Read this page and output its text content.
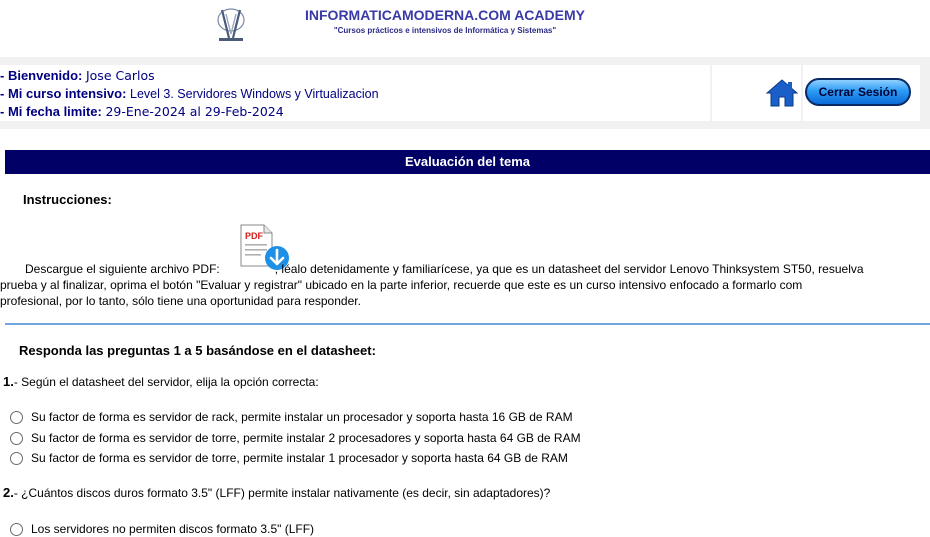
INFORMATICAMODERNA.COM ACADEMY
"Cursos prácticos e intensivos de Informática y Sistemas"
- Bienvenido: Jose Carlos
- Mi curso intensivo: Level 3. Servidores Windows y Virtualizacion
- Mi fecha limite: 29-Ene-2024 al 29-Feb-2024
Cerrar Sesión
Evaluación del tema
Instrucciones:
PDF
Descargue el siguiente archivo PDF:	, léalo detenidamente y familiarícese, ya que es un datasheet del servidor Lenovo Thinksystem ST50, resuelva
prueba y al finalizar, oprima el botón "Evaluar y registrar" ubicado en la parte inferior, recuerde que este es un curso intensivo enfocado a formarlo com
profesional, por lo tanto, sólo tiene una oportunidad para responder.
Responda las preguntas 1 a 5 basándose en el datasheet:
1.- Según el datasheet del servidor, elija la opción correcta:
Su factor de forma es servidor de rack, permite instalar un procesador y soporta hasta 16 GB de RAM
Su factor de forma es servidor de torre, permite instalar 2 procesadores y soporta hasta 64 GB de RAM
Su factor de forma es servidor de torre, permite instalar 1 procesador y soporta hasta 64 GB de RAM
2.- ¿Cuántos discos duros formato 3.5" (LFF) permite instalar nativamente (es decir, sin adaptadores)?
Los servidores no permiten discos formato 3.5" (LFF)
